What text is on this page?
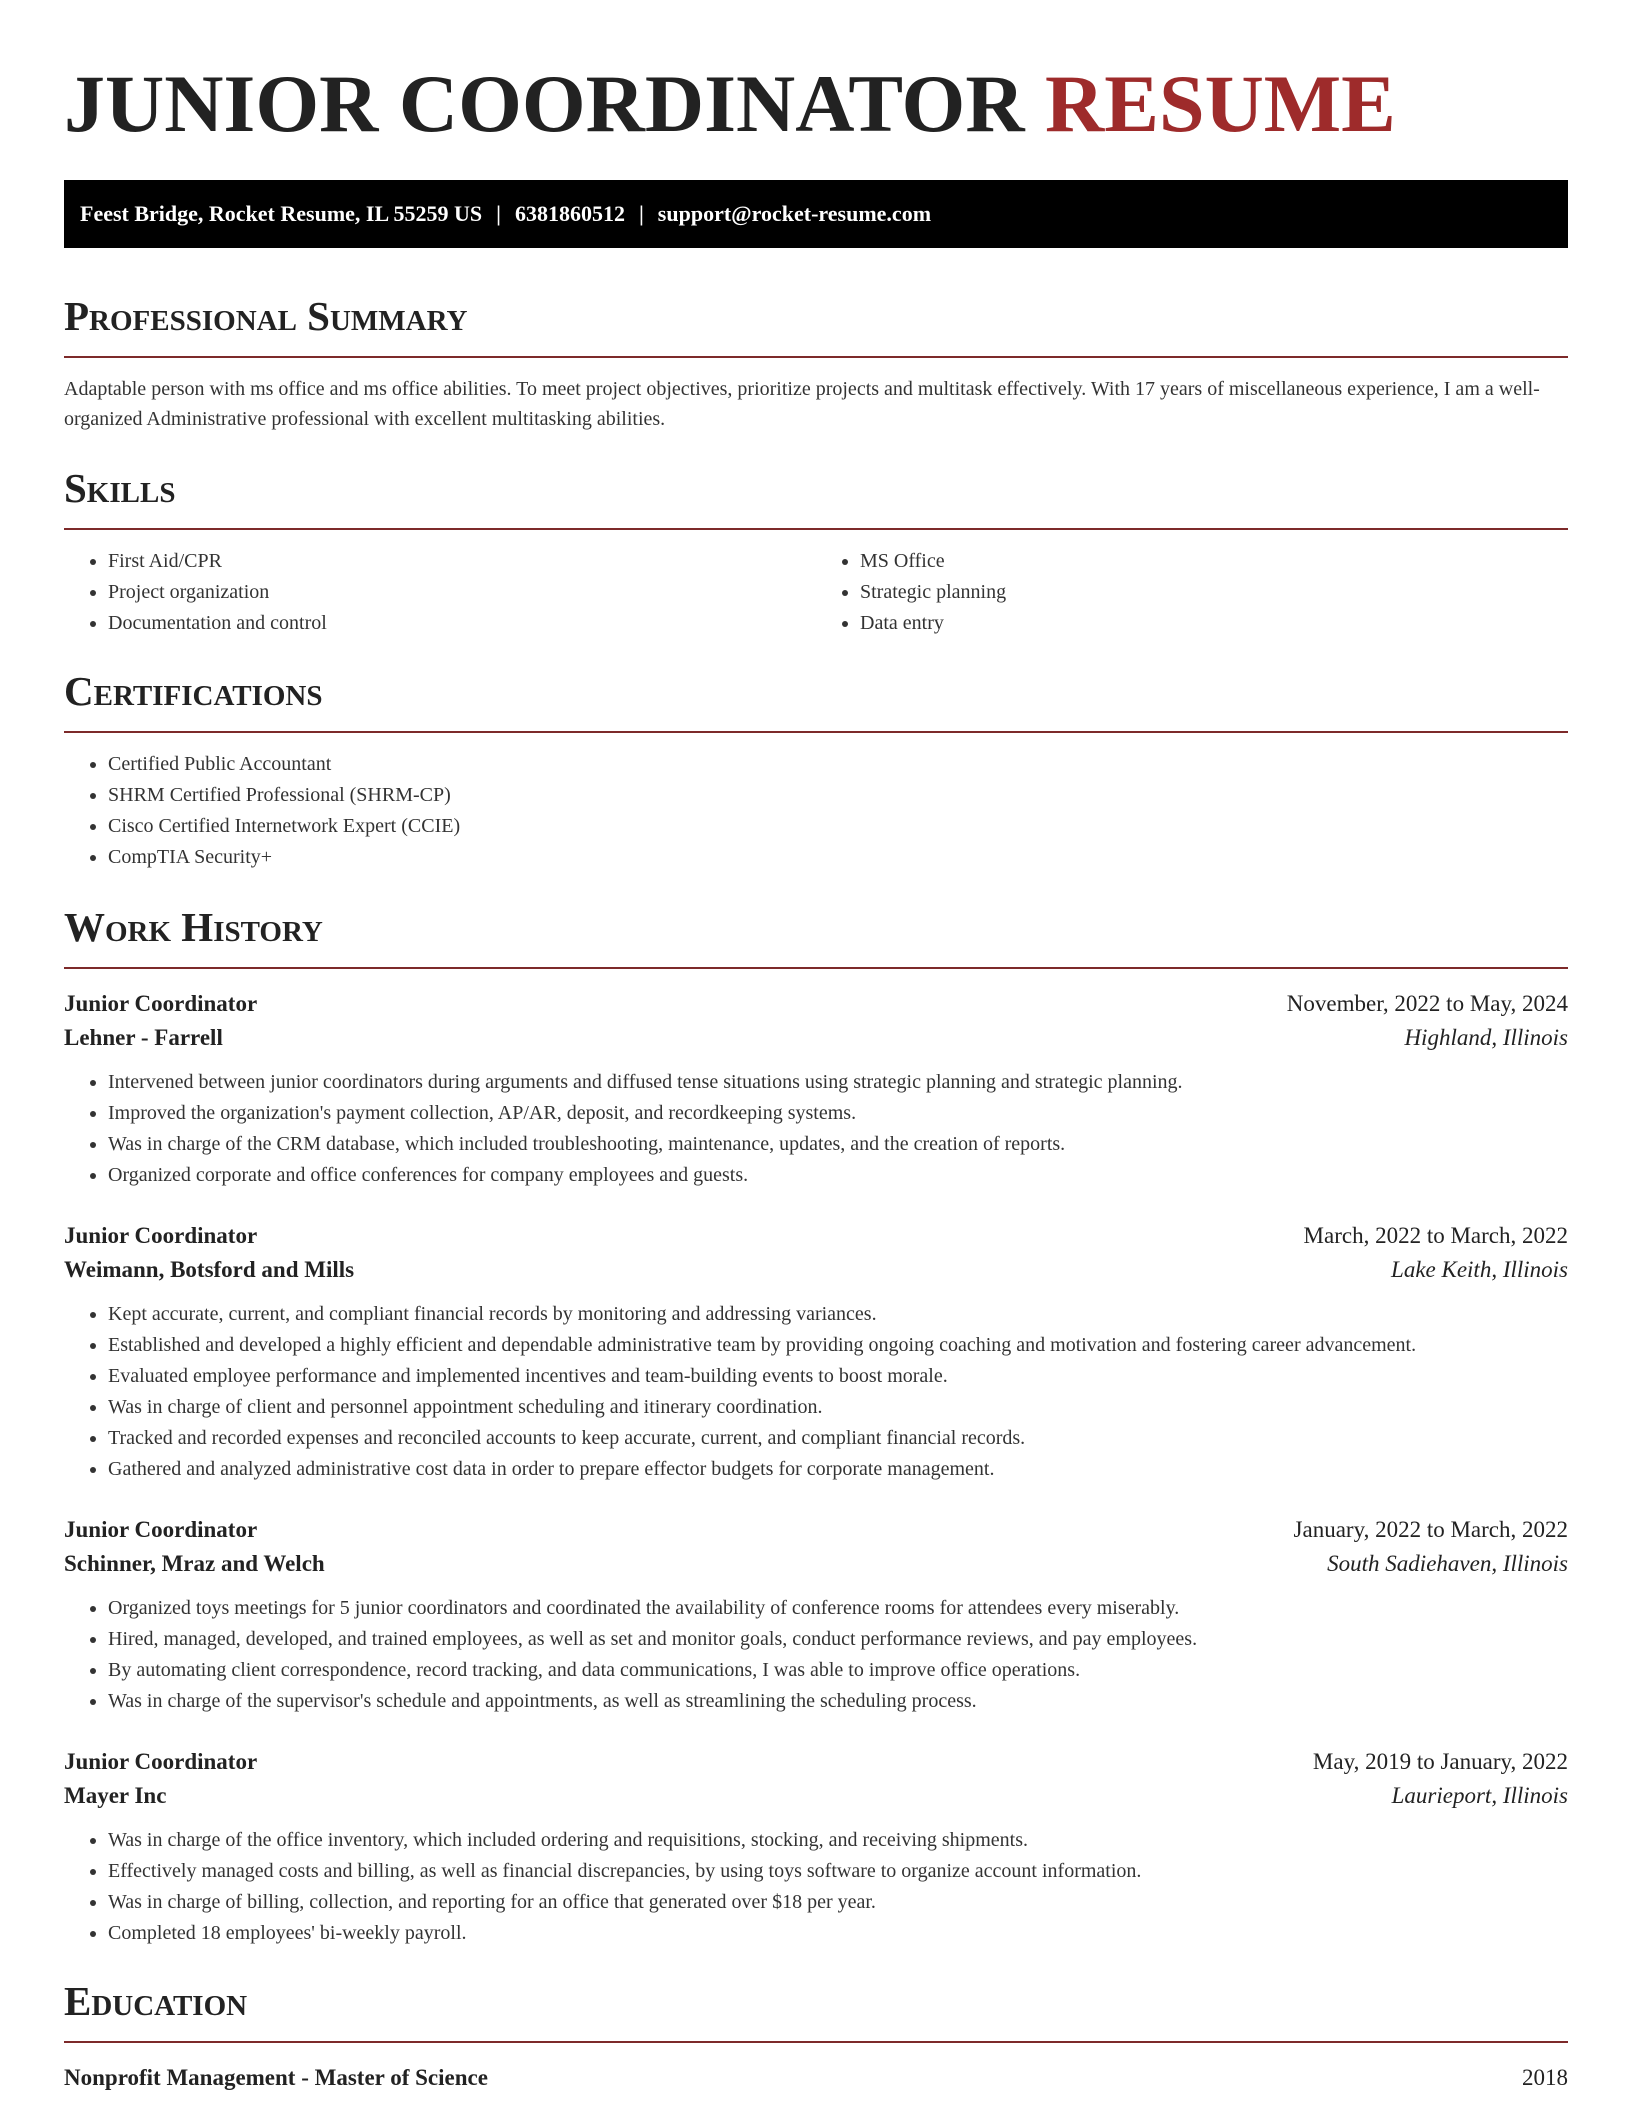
JUNIOR COORDINATOR RESUME
Feest Bridge, Rocket Resume, IL 55259 US | 6381860512 | support@rocket-resume.com
Professional Summary

Adaptable person with ms office and ms office abilities. To meet project objectives, prioritize projects and multitask effectively. With 17 years of miscellaneous experience, I am a well-organized Administrative professional with excellent multitasking abilities.

Skills
• First Aid/CPR
• Project organization
• Documentation and control
• MS Office
• Strategic planning
• Data entry
Certifications
• Certified Public Accountant
• SHRM Certified Professional (SHRM-CP)
• Cisco Certified Internetwork Expert (CCIE)
• CompTIA Security+
Work History
Junior Coordinator	November, 2022 to May, 2024
Lehner - Farrell	Highland, Illinois
• Intervened between junior coordinators during arguments and diffused tense situations using strategic planning and strategic planning.
• Improved the organization's payment collection, AP/AR, deposit, and recordkeeping systems.
• Was in charge of the CRM database, which included troubleshooting, maintenance, updates, and the creation of reports.
• Organized corporate and office conferences for company employees and guests.
Junior Coordinator	March, 2022 to March, 2022
Weimann, Botsford and Mills	Lake Keith, Illinois
• Kept accurate, current, and compliant financial records by monitoring and addressing variances.
• Established and developed a highly efficient and dependable administrative team by providing ongoing coaching and motivation and fostering career advancement.
• Evaluated employee performance and implemented incentives and team-building events to boost morale.
• Was in charge of client and personnel appointment scheduling and itinerary coordination.
• Tracked and recorded expenses and reconciled accounts to keep accurate, current, and compliant financial records.
• Gathered and analyzed administrative cost data in order to prepare effector budgets for corporate management.
Junior Coordinator	January, 2022 to March, 2022
Schinner, Mraz and Welch	South Sadiehaven, Illinois
• Organized toys meetings for 5 junior coordinators and coordinated the availability of conference rooms for attendees every miserably.
• Hired, managed, developed, and trained employees, as well as set and monitor goals, conduct performance reviews, and pay employees.
• By automating client correspondence, record tracking, and data communications, I was able to improve office operations.
• Was in charge of the supervisor's schedule and appointments, as well as streamlining the scheduling process.
Junior Coordinator	May, 2019 to January, 2022
Mayer Inc	Laurieport, Illinois
• Was in charge of the office inventory, which included ordering and requisitions, stocking, and receiving shipments.
• Effectively managed costs and billing, as well as financial discrepancies, by using toys software to organize account information.
• Was in charge of billing, collection, and reporting for an office that generated over $18 per year.
• Completed 18 employees' bi-weekly payroll.
Education
Nonprofit Management - Master of Science	2018
